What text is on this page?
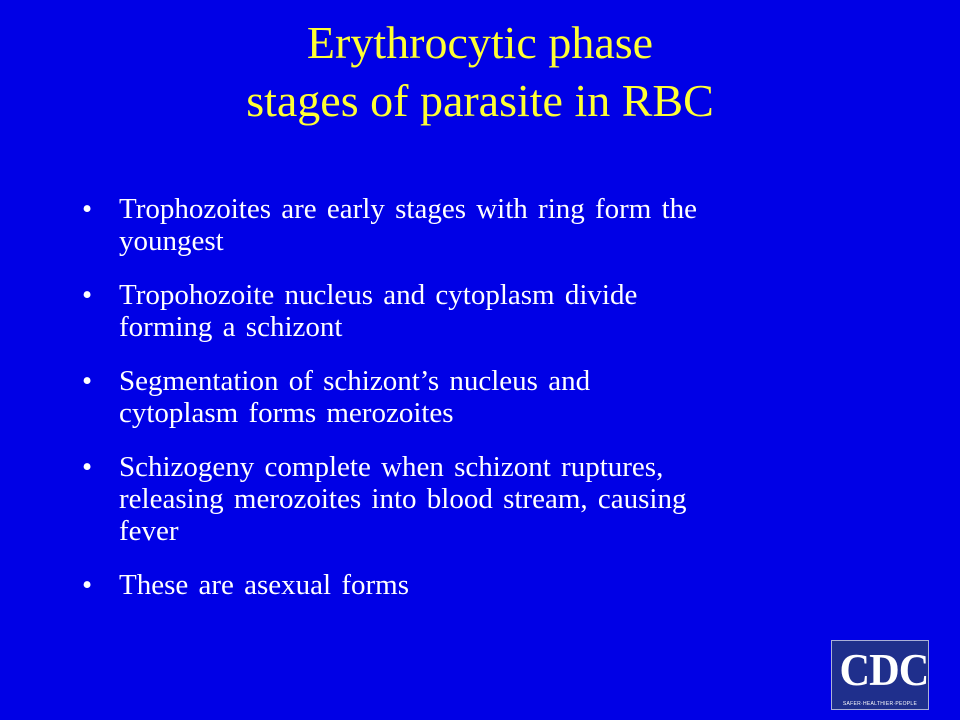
Erythrocytic phase
stages of parasite in RBC
• Trophozoites are early stages with ring form the
youngest
• Tropohozoite nucleus and cytoplasm divide
forming a schizont
• Segmentation of schizont’s nucleus and
cytoplasm forms merozoites
• Schizogeny complete when schizont ruptures,
releasing merozoites into blood stream, causing
fever
• These are asexual forms
CDC
SAFER·HEALTHIER·PEOPLE
